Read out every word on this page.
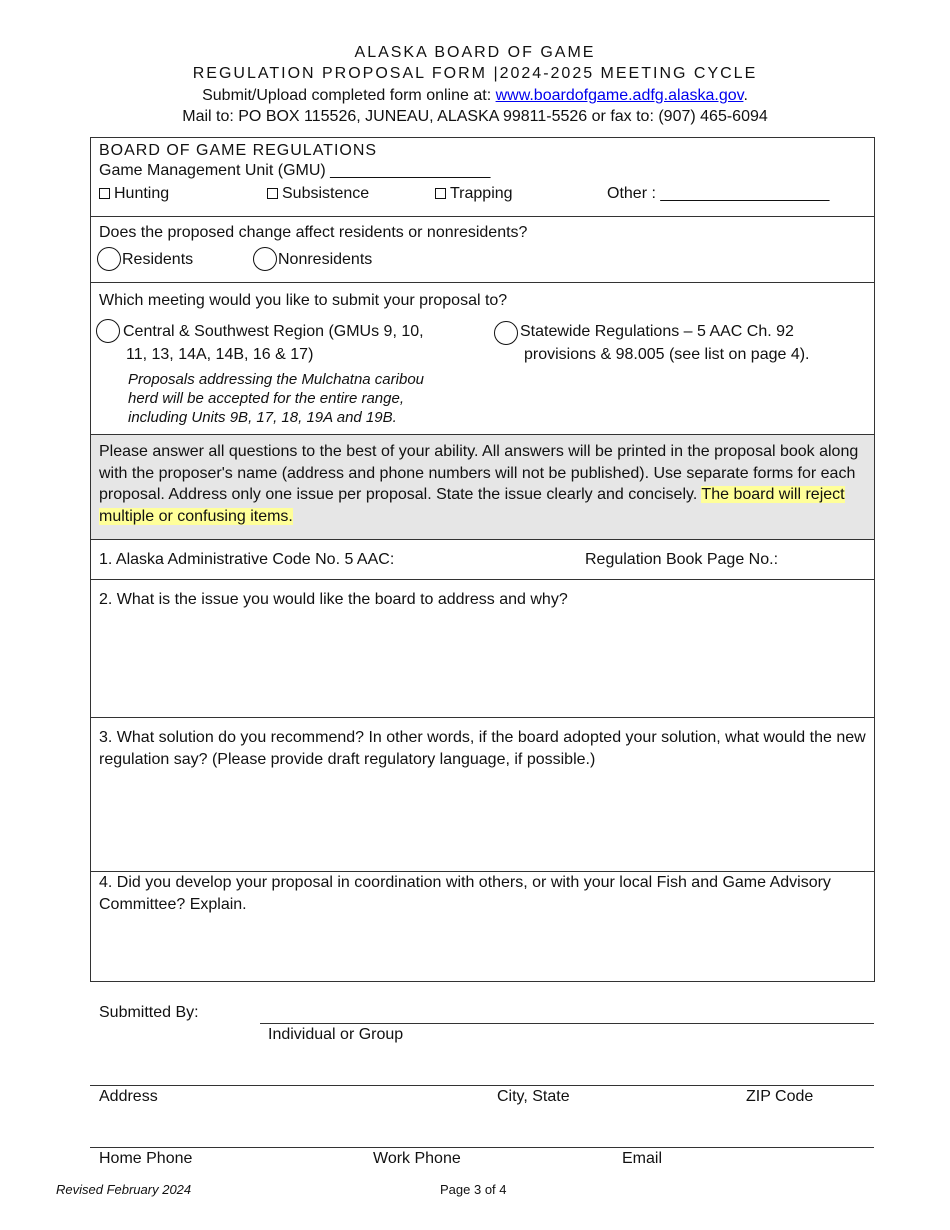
ALASKA BOARD OF GAME
REGULATION PROPOSAL FORM |2024-2025 MEETING CYCLE
Submit/Upload completed form online at: www.boardofgame.adfg.alaska.gov.
Mail to: PO BOX 115526, JUNEAU, ALASKA 99811-5526 or fax to: (907) 465-6094
BOARD OF GAME REGULATIONS
Game Management Unit (GMU) __________________
Hunting	Subsistence	Trapping	Other : ___________________
Does the proposed change affect residents or nonresidents?
Residents	Nonresidents
Which meeting would you like to submit your proposal to?
Central & Southwest Region (GMUs 9, 10,
11, 13, 14A, 14B, 16 & 17)
Proposals addressing the Mulchatna caribou
herd will be accepted for the entire range,
including Units 9B, 17, 18, 19A and 19B.
Statewide Regulations – 5 AAC Ch. 92
provisions & 98.005 (see list on page 4).
Please answer all questions to the best of your ability. All answers will be printed in the proposal book along with the proposer's name (address and phone numbers will not be published). Use separate forms for each proposal. Address only one issue per proposal. State the issue clearly and concisely. The board will reject multiple or confusing items.
1. Alaska Administrative Code No. 5 AAC:	Regulation Book Page No.:
2. What is the issue you would like the board to address and why?
3. What solution do you recommend? In other words, if the board adopted your solution, what would the new regulation say? (Please provide draft regulatory language, if possible.)
4. Did you develop your proposal in coordination with others, or with your local Fish and Game Advisory Committee? Explain.
Submitted By:
Individual or Group
Address	City, State	ZIP Code
Home Phone	Work Phone	Email
Revised February 2024	Page 3 of 4
